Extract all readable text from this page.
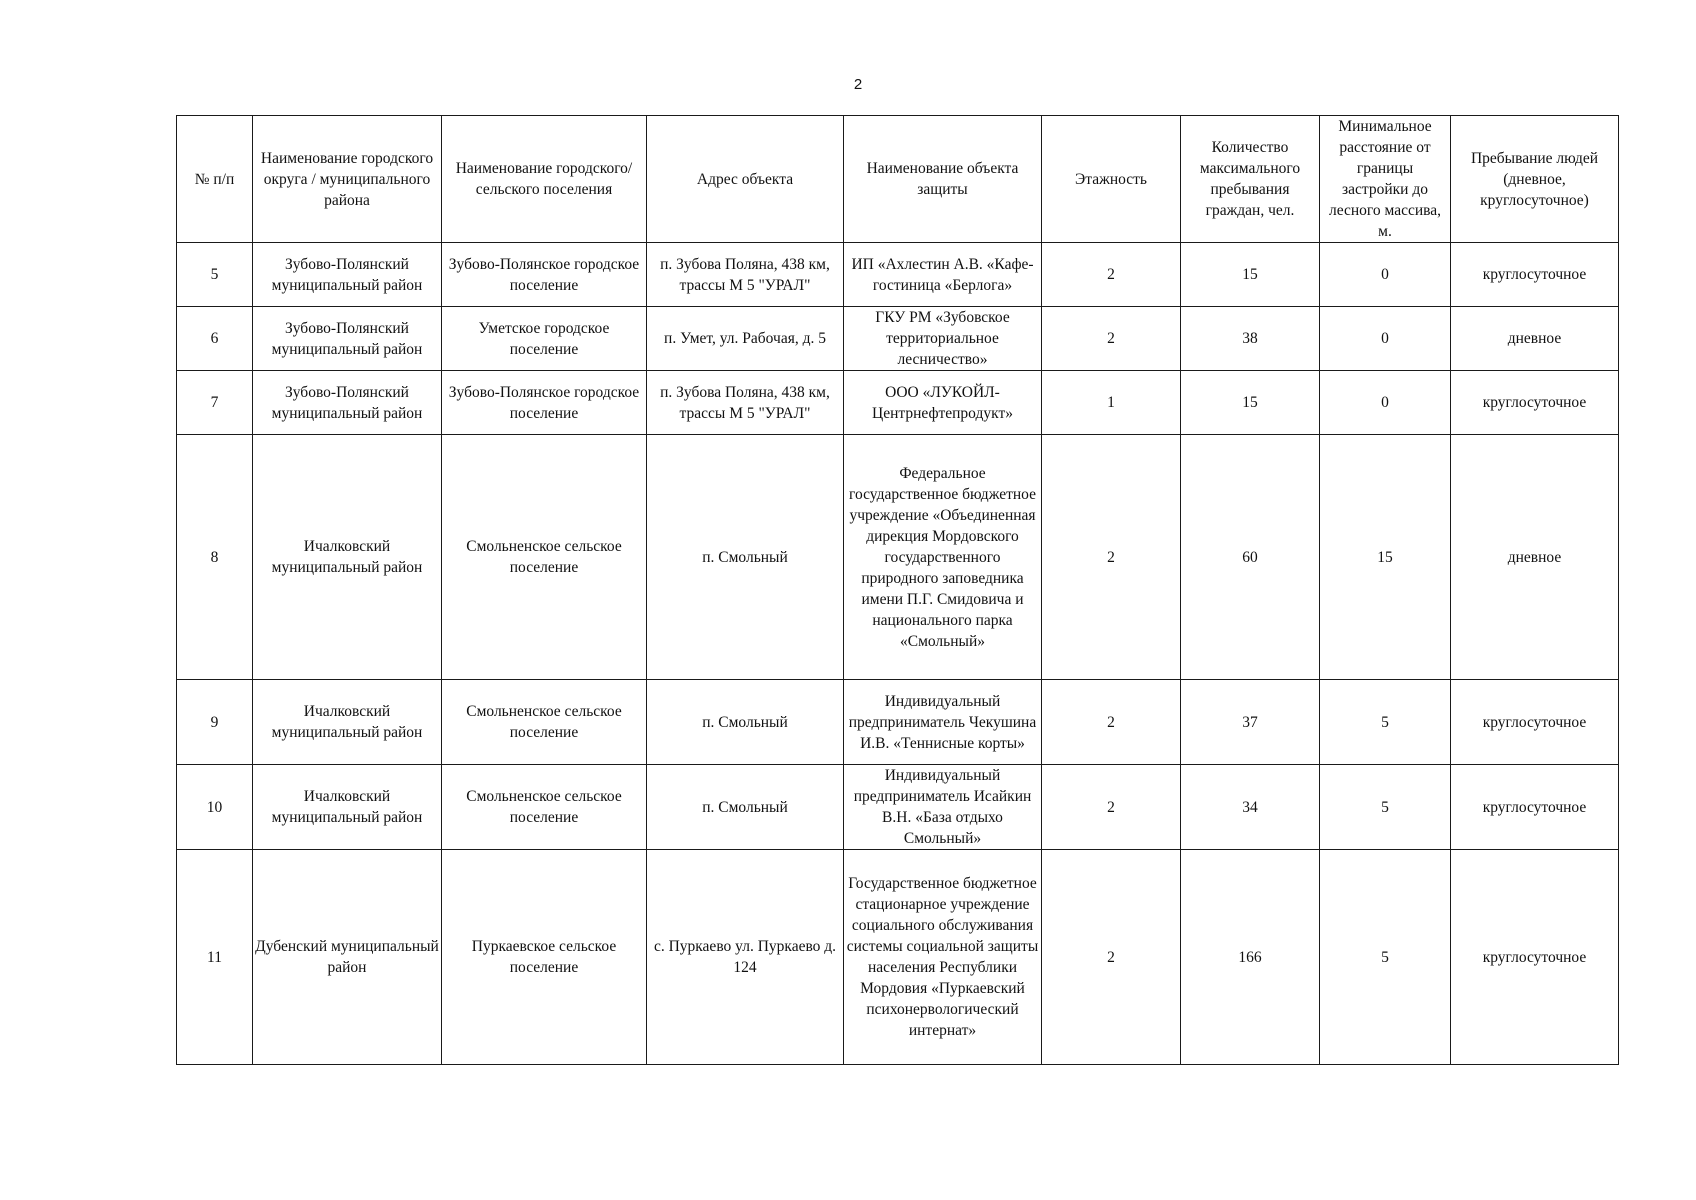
2
№ п/п	Наименование городского округа / муниципального района	Наименование городского/ сельского поселения	Адрес объекта	Наименование объекта защиты	Этажность	Количество максимального пребывания граждан, чел.	Минимальное расстояние от границы застройки до лесного массива, м.	Пребывание людей (дневное, круглосуточное)
5	Зубово-Полянский муниципальный район	Зубово-Полянское городское поселение	п. Зубова Поляна, 438 км, трассы М 5 "УРАЛ"	ИП «Ахлестин А.В. «Кафе-гостиница «Берлога»	2	15	0	круглосуточное
6	Зубово-Полянский муниципальный район	Уметское городское поселение	п. Умет, ул. Рабочая, д. 5	ГКУ РМ «Зубовское территориальное лесничество»	2	38	0	дневное
7	Зубово-Полянский муниципальный район	Зубово-Полянское городское поселение	п. Зубова Поляна, 438 км, трассы М 5 "УРАЛ"	ООО «ЛУКОЙЛ-Центрнефтепродукт»	1	15	0	круглосуточное
8	Ичалковский муниципальный район	Смольненское сельское поселение	п. Смольный	Федеральное государственное бюджетное учреждение «Объединенная дирекция Мордовского государственного природного заповедника имени П.Г. Смидовича и национального парка «Смольный»	2	60	15	дневное
9	Ичалковский муниципальный район	Смольненское сельское поселение	п. Смольный	Индивидуальный предприниматель Чекушина И.В. «Теннисные корты»	2	37	5	круглосуточное
10	Ичалковский муниципальный район	Смольненское сельское поселение	п. Смольный	Индивидуальный предприниматель Исайкин В.Н. «База отдыхо Смольный»	2	34	5	круглосуточное
11	Дубенский муниципальный район	Пуркаевское сельское поселение	с. Пуркаево ул. Пуркаево д. 124	Государственное бюджетное стационарное учреждение социального обслуживания системы социальной защиты населения Республики Мордовия «Пуркаевский психонервологический интернат»	2	166	5	круглосуточное
